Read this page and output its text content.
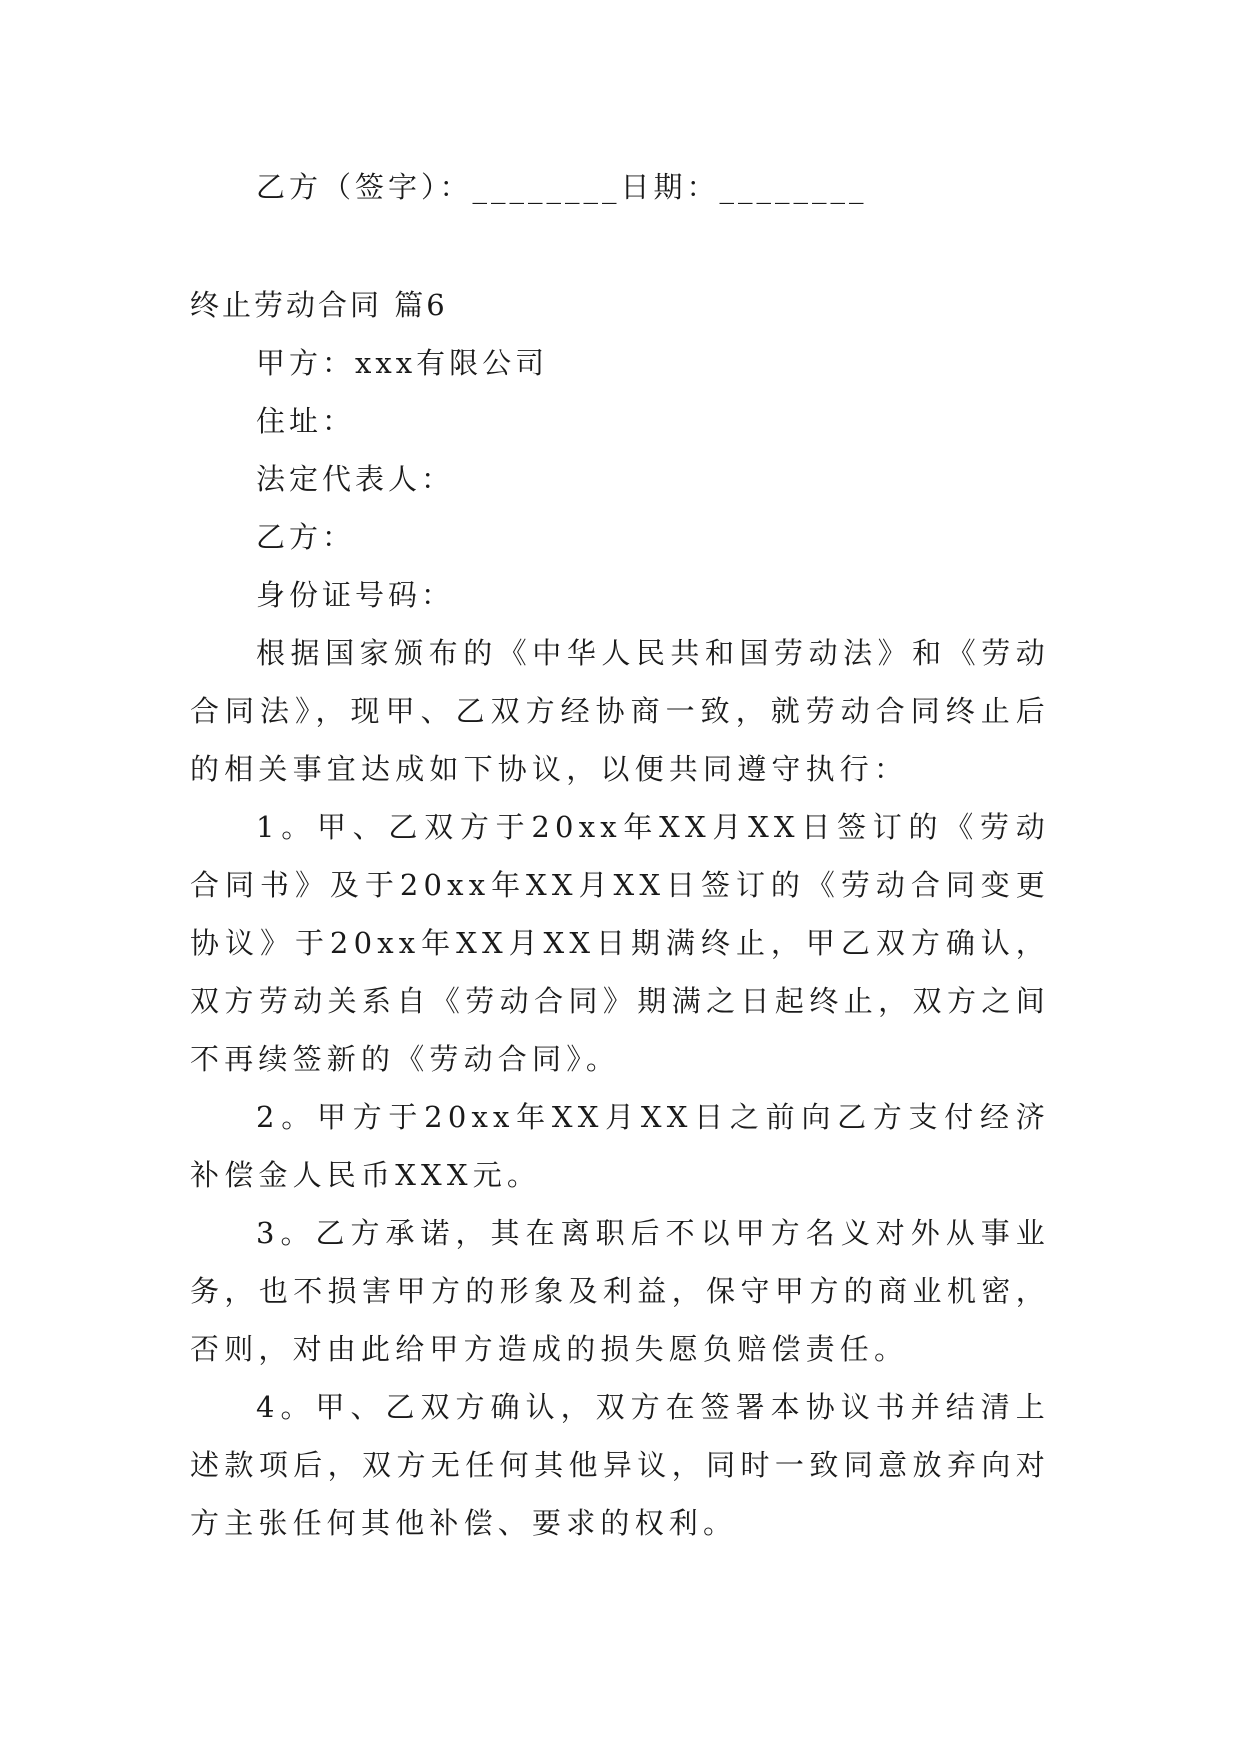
乙方（签字）：________日期：________

终止劳动合同 篇6

甲方：xxx有限公司

住址：

法定代表人：

乙方：

身份证号码：

根据国家颁布的《中华人民共和国劳动法》和《劳动合同法》，现甲、乙双方经协商一致，就劳动合同终止后的相关事宜达成如下协议，以便共同遵守执行：

1。甲、乙双方于20xx年XX月XX日签订的《劳动合同书》及于20xx年XX月XX日签订的《劳动合同变更协议》于20xx年XX月XX日期满终止，甲乙双方确认，双方劳动关系自《劳动合同》期满之日起终止，双方之间不再续签新的《劳动合同》。

2。甲方于20xx年XX月XX日之前向乙方支付经济补偿金人民币XXX元。

3。乙方承诺，其在离职后不以甲方名义对外从事业务，也不损害甲方的形象及利益，保守甲方的商业机密，否则，对由此给甲方造成的损失愿负赔偿责任。

4。甲、乙双方确认，双方在签署本协议书并结清上述款项后，双方无任何其他异议，同时一致同意放弃向对方主张任何其他补偿、要求的权利。
